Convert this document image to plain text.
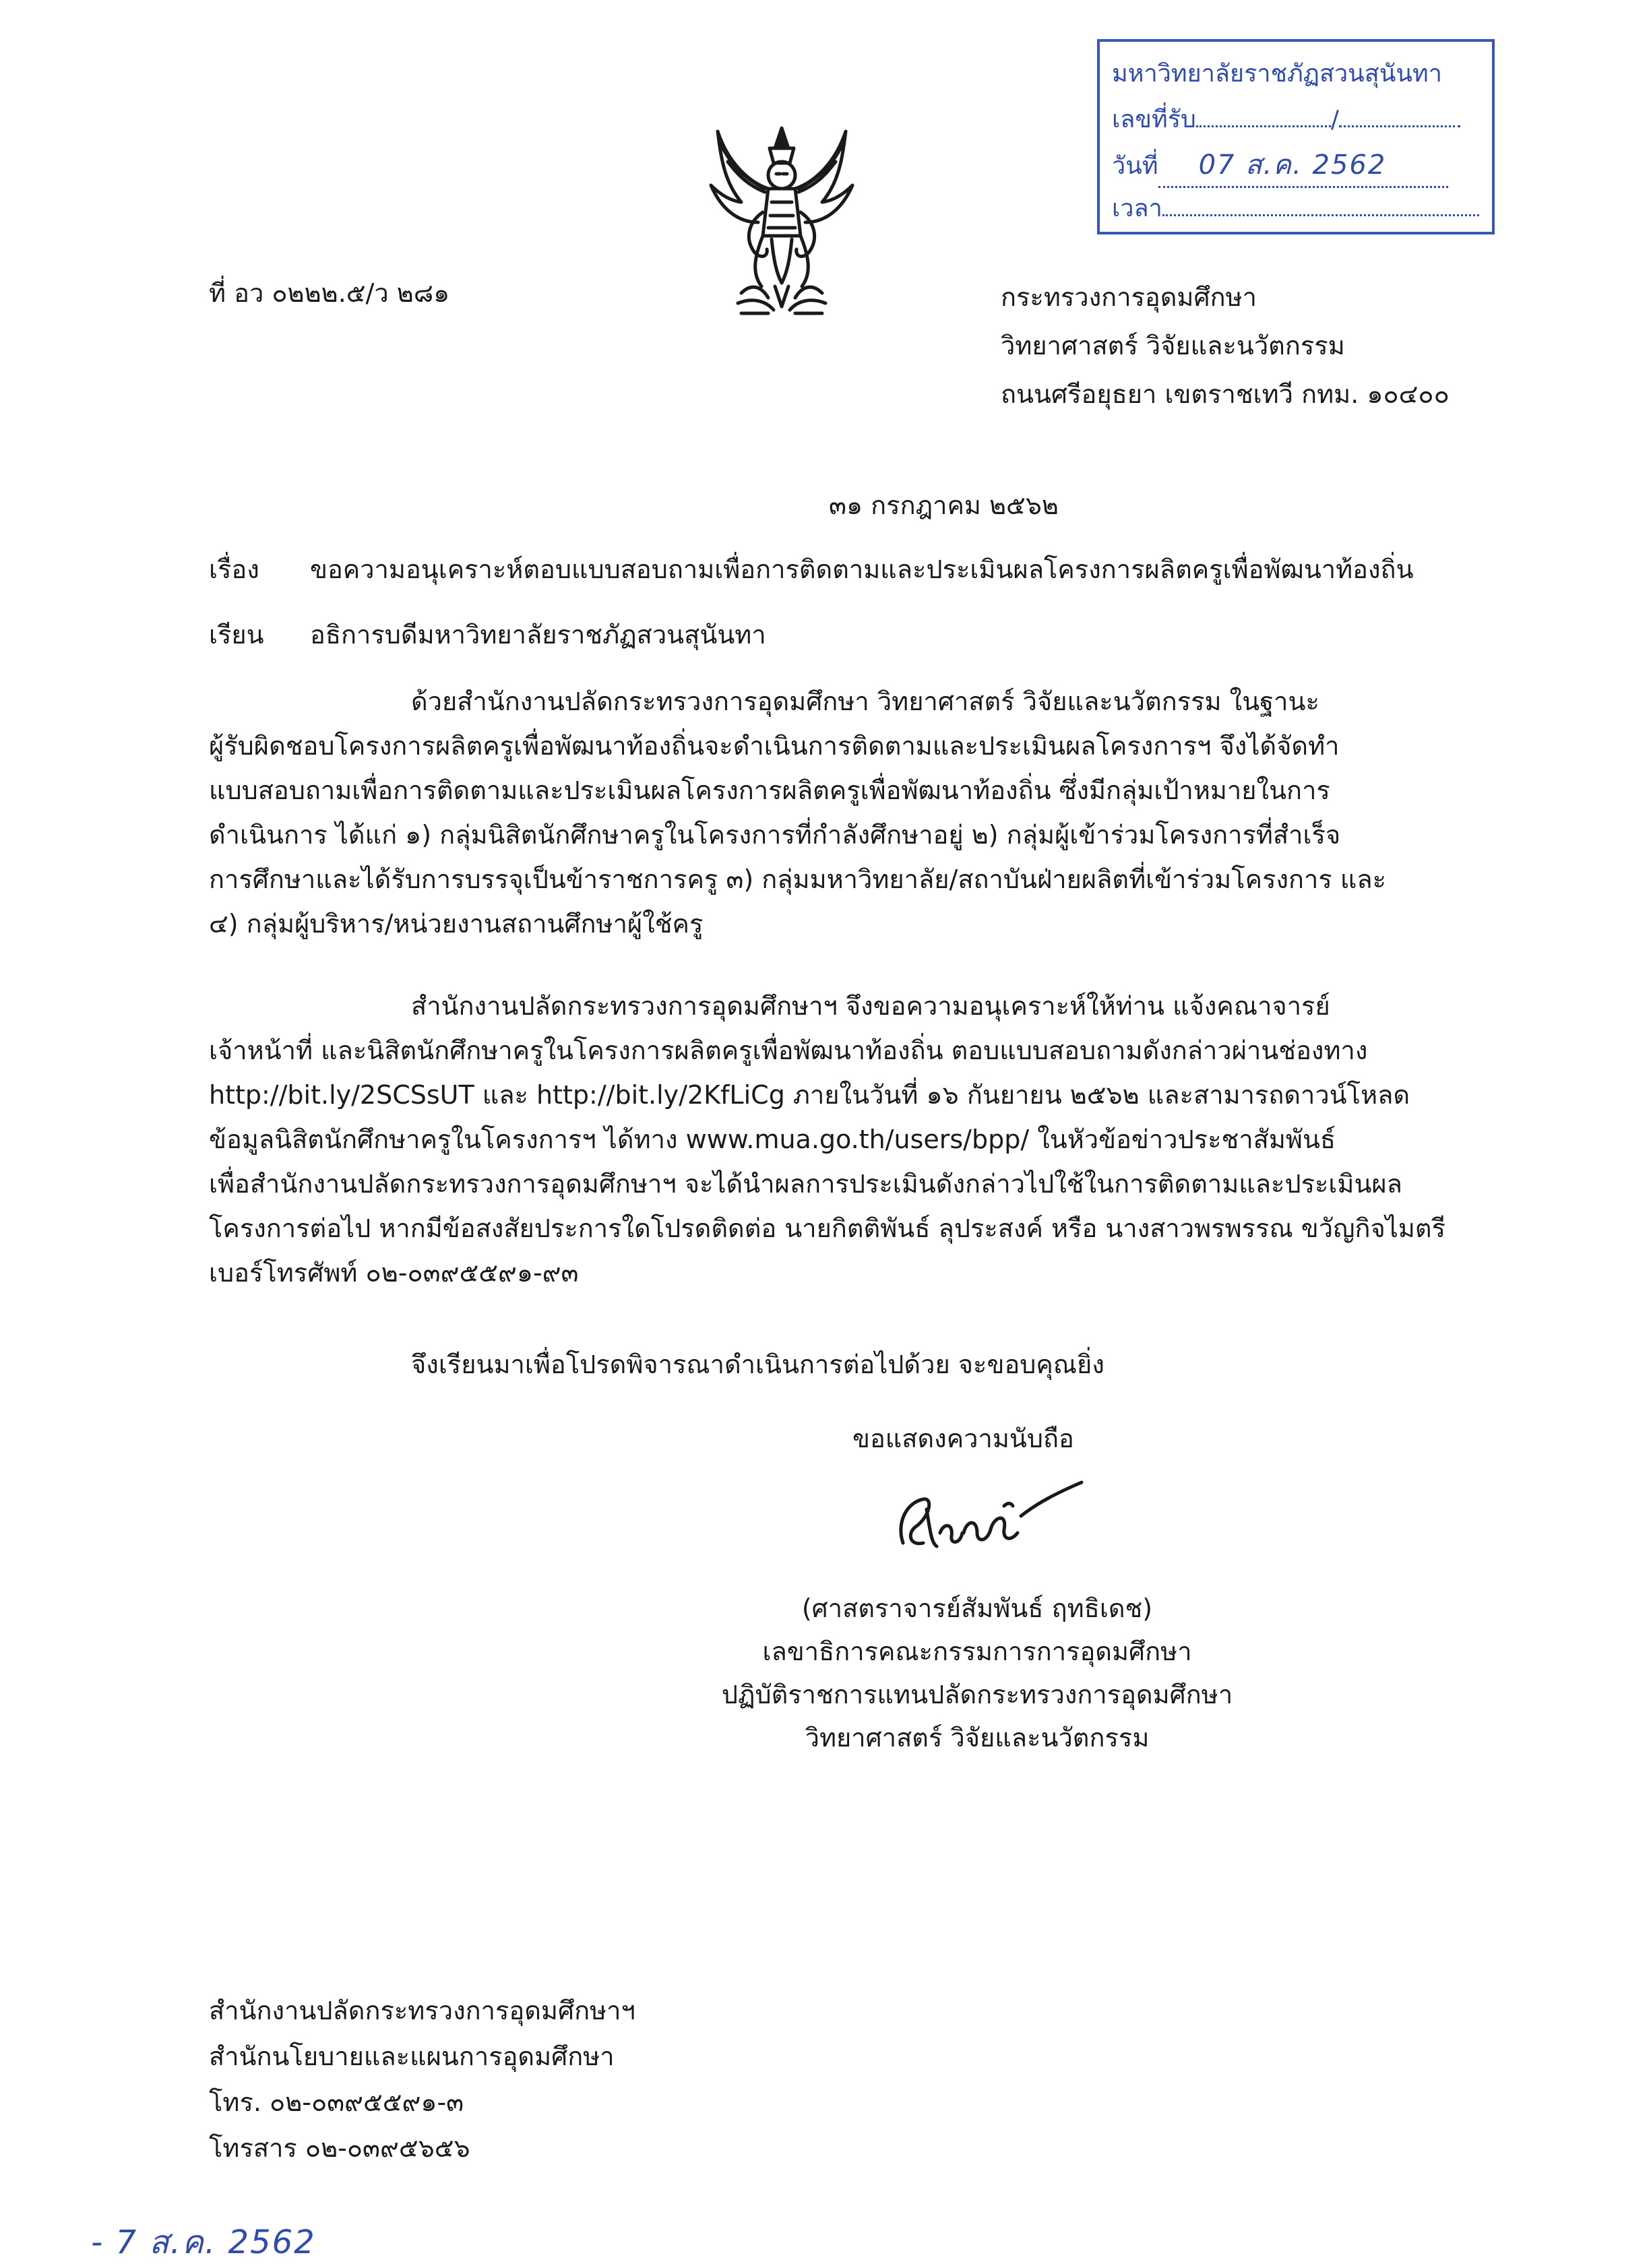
มหาวิทยาลัยราชภัฏสวนสุนันทา
เลขที่รับ	/
วันที่ 07 ส.ค. 2562
เวลา
ที่ อว ๐๒๒๒.๕/ว ๒๘๑	กระทรวงการอุดมศึกษา
วิทยาศาสตร์ วิจัยและนวัตกรรม
ถนนศรีอยุธยา เขตราชเทวี กทม. ๑๐๔๐๐
๓๑ กรกฎาคม ๒๕๖๒
เรื่อง ขอความอนุเคราะห์ตอบแบบสอบถามเพื่อการติดตามและประเมินผลโครงการผลิตครูเพื่อพัฒนาท้องถิ่น
เรียน อธิการบดีมหาวิทยาลัยราชภัฏสวนสุนันทา
ด้วยสำนักงานปลัดกระทรวงการอุดมศึกษา วิทยาศาสตร์ วิจัยและนวัตกรรม ในฐานะ
ผู้รับผิดชอบโครงการผลิตครูเพื่อพัฒนาท้องถิ่นจะดำเนินการติดตามและประเมินผลโครงการฯ จึงได้จัดทำ
แบบสอบถามเพื่อการติดตามและประเมินผลโครงการผลิตครูเพื่อพัฒนาท้องถิ่น ซึ่งมีกลุ่มเป้าหมายในการ
ดำเนินการ ได้แก่ ๑) กลุ่มนิสิตนักศึกษาครูในโครงการที่กำลังศึกษาอยู่ ๒) กลุ่มผู้เข้าร่วมโครงการที่สำเร็จ
การศึกษาและได้รับการบรรจุเป็นข้าราชการครู ๓) กลุ่มมหาวิทยาลัย/สถาบันฝ่ายผลิตที่เข้าร่วมโครงการ และ
๔) กลุ่มผู้บริหาร/หน่วยงานสถานศึกษาผู้ใช้ครู
สำนักงานปลัดกระทรวงการอุดมศึกษาฯ จึงขอความอนุเคราะห์ให้ท่าน แจ้งคณาจารย์
เจ้าหน้าที่ และนิสิตนักศึกษาครูในโครงการผลิตครูเพื่อพัฒนาท้องถิ่น ตอบแบบสอบถามดังกล่าวผ่านช่องทาง
http://bit.ly/2SCSsUT และ http://bit.ly/2KfLiCg ภายในวันที่ ๑๖ กันยายน ๒๕๖๒ และสามารถดาวน์โหลด
ข้อมูลนิสิตนักศึกษาครูในโครงการฯ ได้ทาง www.mua.go.th/users/bpp/ ในหัวข้อข่าวประชาสัมพันธ์
เพื่อสำนักงานปลัดกระทรวงการอุดมศึกษาฯ จะได้นำผลการประเมินดังกล่าวไปใช้ในการติดตามและประเมินผล
โครงการต่อไป หากมีข้อสงสัยประการใดโปรดติดต่อ นายกิตติพันธ์ ลุประสงค์ หรือ นางสาวพรพรรณ ขวัญกิจไมตรี
เบอร์โทรศัพท์ ๐๒-๐๓๙๕๕๙๑-๙๓
จึงเรียนมาเพื่อโปรดพิจารณาดำเนินการต่อไปด้วย จะขอบคุณยิ่ง
ขอแสดงความนับถือ
(ศาสตราจารย์สัมพันธ์ ฤทธิเดช)
เลขาธิการคณะกรรมการการอุดมศึกษา
ปฏิบัติราชการแทนปลัดกระทรวงการอุดมศึกษา
วิทยาศาสตร์ วิจัยและนวัตกรรม
สำนักงานปลัดกระทรวงการอุดมศึกษาฯ
สำนักนโยบายและแผนการอุดมศึกษา
โทร. ๐๒-๐๓๙๕๕๙๑-๓
โทรสาร ๐๒-๐๓๙๕๖๕๖
- 7 ส.ค. 2562
